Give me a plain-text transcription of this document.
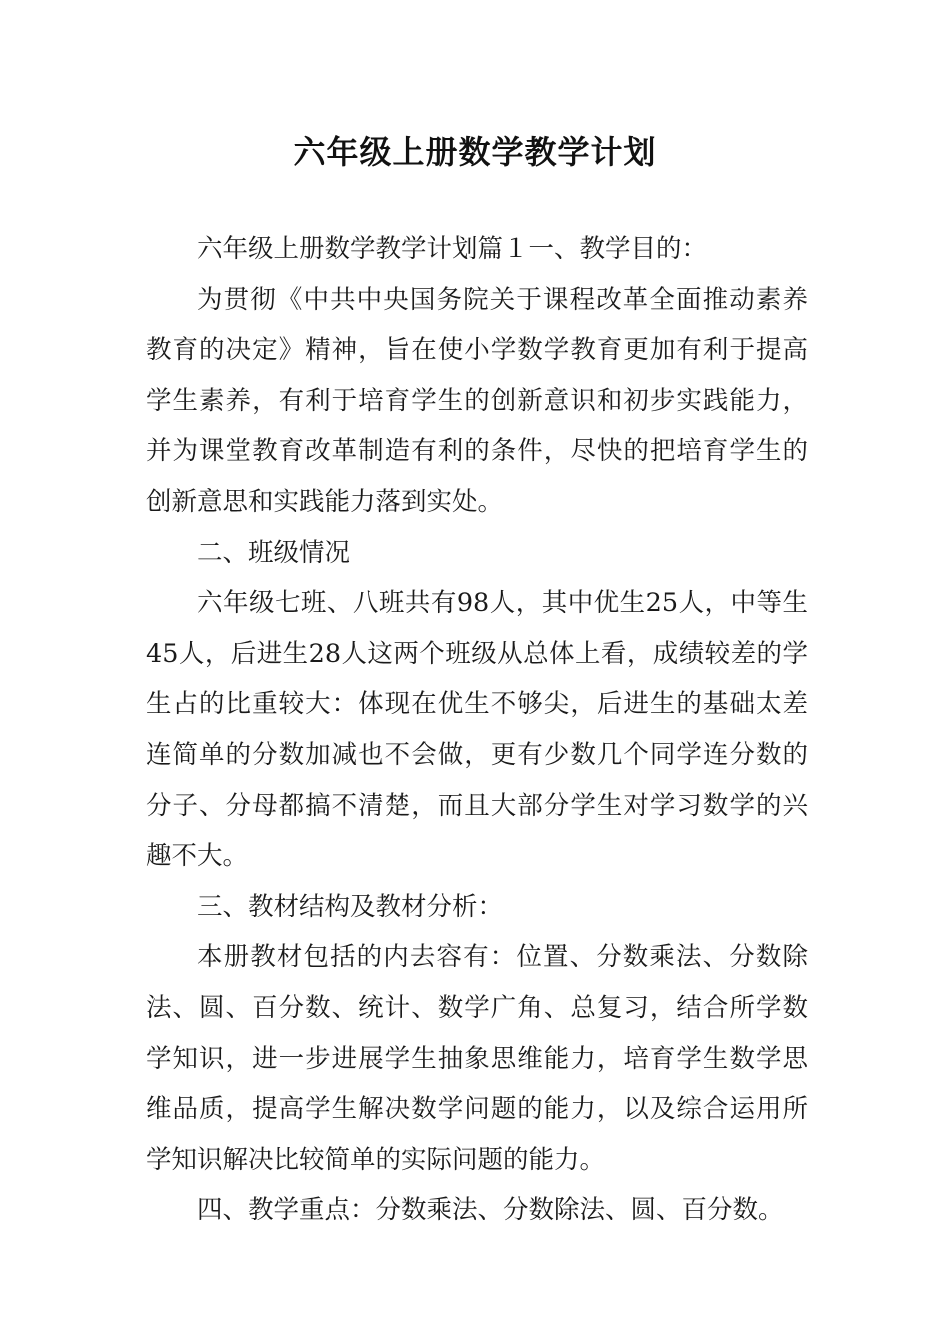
六年级上册数学教学计划

六年级上册数学教学计划篇１一、教学目的：

为贯彻《中共中央国务院关于课程改革全面推动素养教育的决定》精神，旨在使小学数学教育更加有利于提高学生素养，有利于培育学生的创新意识和初步实践能力，并为课堂教育改革制造有利的条件，尽快的把培育学生的创新意思和实践能力落到实处。

二、班级情况

六年级七班、八班共有98人，其中优生25人，中等生45人，后进生28人这两个班级从总体上看，成绩较差的学生占的比重较大：体现在优生不够尖，后进生的基础太差连简单的分数加减也不会做，更有少数几个同学连分数的分子、分母都搞不清楚，而且大部分学生对学习数学的兴趣不大。

三、教材结构及教材分析：

本册教材包括的内去容有：位置、分数乘法、分数除法、圆、百分数、统计、数学广角、总复习，结合所学数学知识，进一步进展学生抽象思维能力，培育学生数学思维品质，提高学生解决数学问题的能力，以及综合运用所学知识解决比较简单的实际问题的能力。

四、教学重点：分数乘法、分数除法、圆、百分数。
